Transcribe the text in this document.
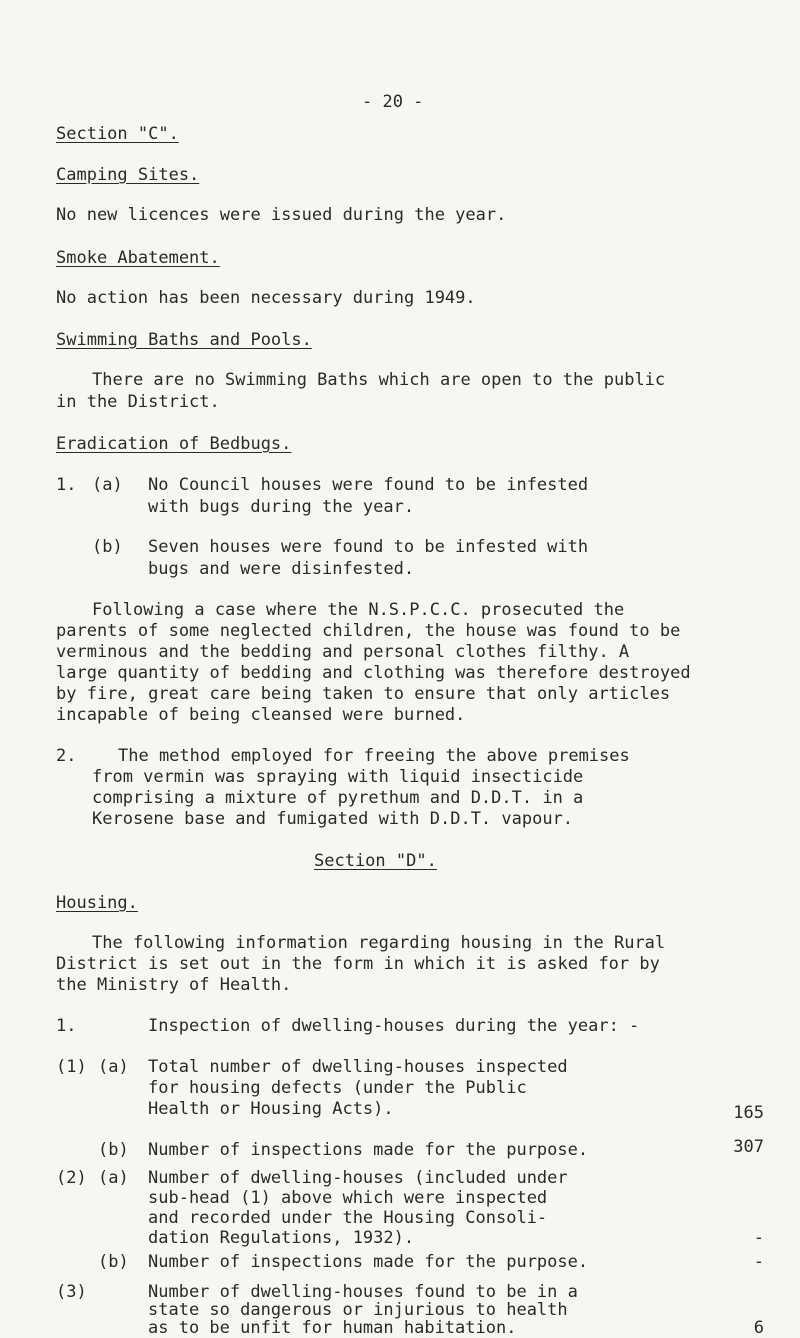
- 20 -
Section "C".
Camping Sites.
No new licences were issued during the year.
Smoke Abatement.
No action has been necessary during 1949.
Swimming Baths and Pools.
There are no Swimming Baths which are open to the public
in the District.
Eradication of Bedbugs.
1. (a) No Council houses were found to be infested
with bugs during the year.
(b) Seven houses were found to be infested with
bugs and were disinfested.
Following a case where the N.S.P.C.C. prosecuted the
parents of some neglected children, the house was found to be
verminous and the bedding and personal clothes filthy. A
large quantity of bedding and clothing was therefore destroyed
by fire, great care being taken to ensure that only articles
incapable of being cleansed were burned.
2. The method employed for freeing the above premises
from vermin was spraying with liquid insecticide
comprising a mixture of pyrethum and D.D.T. in a
Kerosene base and fumigated with D.D.T. vapour.
Section "D".
Housing.
The following information regarding housing in the Rural
District is set out in the form in which it is asked for by
the Ministry of Health.
1.	Inspection of dwelling-houses during the year: -
(1) (a) Total number of dwelling-houses inspected
for housing defects (under the Public
Health or Housing Acts).	165
(b) Number of inspections made for the purpose.	307
(2) (a) Number of dwelling-houses (included under
sub-head (1) above which were inspected
and recorded under the Housing Consoli-
dation Regulations, 1932).	-
(b) Number of inspections made for the purpose.	-
(3)	Number of dwelling-houses found to be in a
state so dangerous or injurious to health
as to be unfit for human habitation.	6
